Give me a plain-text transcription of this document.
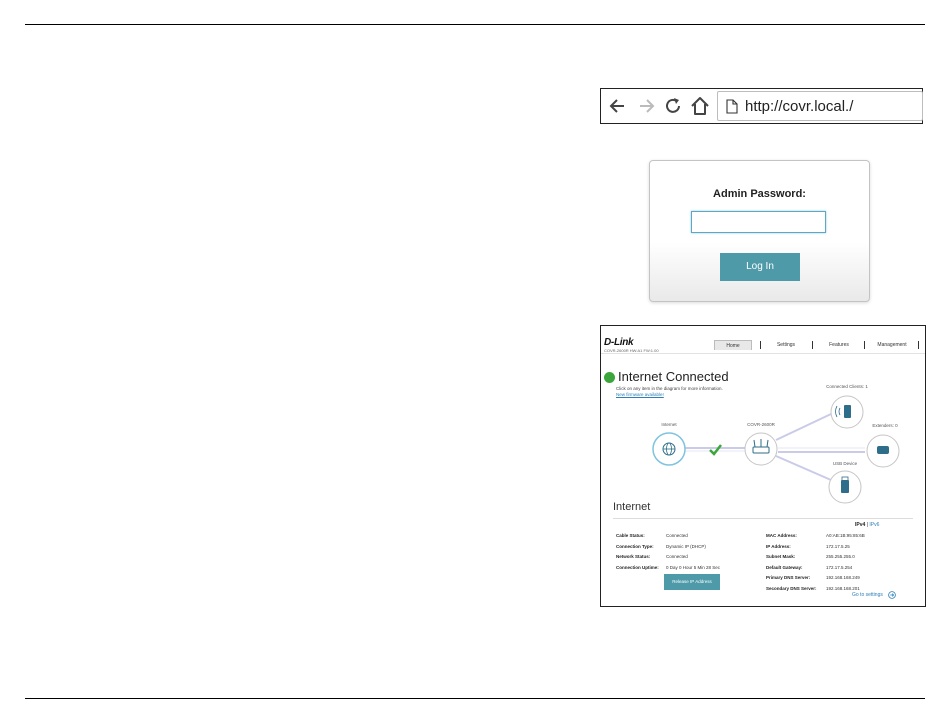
http://covr.local./
Admin Password:
Log In
D-Link
COVR-2600R HW:A1 FW:1.00
Home	Settings	Features	Management
Internet Connected
Click on any item in the diagram for more information.
New firmware available!
Internet	COVR-2600R
Connected Clients: 1
Extenders: 0
USB Device
Internet
IPv4 | IPv6
Cable Status:	Connected
Connection Type:	Dynamic IP (DHCP)
Network Status:	Connected
Connection Uptime: 0 Day 0 Hour 5 Min 28 Sec
MAC Address:	A0:AB:1B:95:85:6B
IP Address:	172.17.5.25
Subnet Mask:	255.255.255.0
Default Gateway:	172.17.5.254
Primary DNS Server:	192.168.168.249
Secondary DNS Server: 192.168.168.201
Release IP Address
Go to settings
